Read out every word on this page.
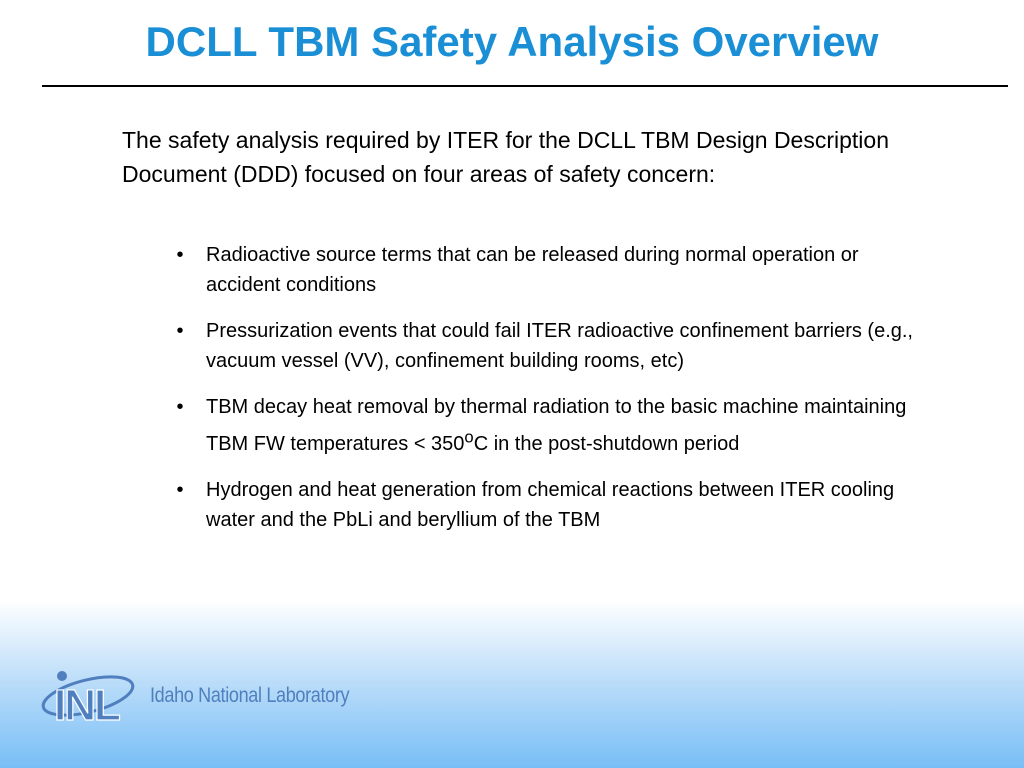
DCLL TBM Safety Analysis Overview

The safety analysis required by ITER for the DCLL TBM Design Description Document (DDD) focused on four areas of safety concern:

•	Radioactive source terms that can be released during normal operation or accident conditions
•	Pressurization events that could fail ITER radioactive confinement barriers (e.g., vacuum vessel (VV), confinement building rooms, etc)
•	TBM decay heat removal by thermal radiation to the basic machine maintaining TBM FW temperatures < $350^oC$ in the post-shutdown period
•	Hydrogen and heat generation from chemical reactions between ITER cooling water and the PbLi and beryllium of the TBM
INL Idaho National Laboratory
